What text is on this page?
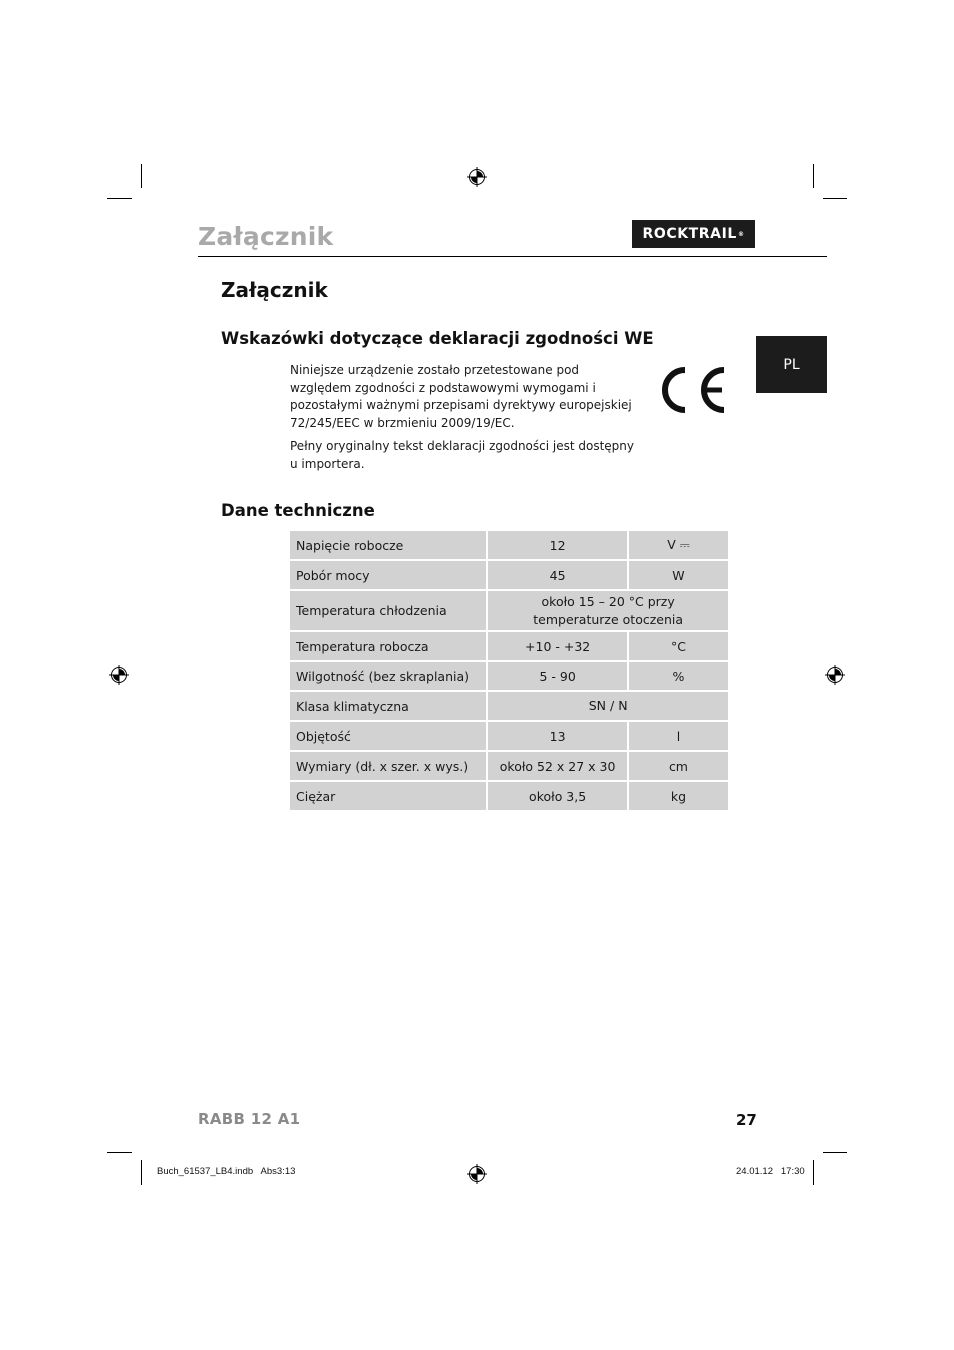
Załącznik	ROCKTRAIL ®
PL
Załącznik
Wskazówki dotyczące deklaracji zgodności WE

Niniejsze urządzenie zostało przetestowane pod względem zgodności z podstawowymi wymogami i pozostałymi ważnymi przepisami dyrektywy europejskiej 72/245/EEC w brzmieniu 2009/19/EC.

Pełny oryginalny tekst deklaracji zgodności jest dostępny u importera.

Dane techniczne
Napięcie robocze	12	V ⎓
Pobór mocy	45	W
Temperatura chłodzenia	około 15 – 20 °C przy
temperaturze otoczenia	

Temperatura robocza	+10 - +32	°C
Wilgotność (bez skraplania)	5 - 90	%
Klasa klimatyczna	SN / N	
Objętość	13	l
Wymiary (dł. x szer. x wys.)	około 52 x 27 x 30	cm
Ciężar	około 3,5	kg
RABB 12 A1	27
Buch_61537_LB4.indb   Abs3:13	24.01.12   17:30
